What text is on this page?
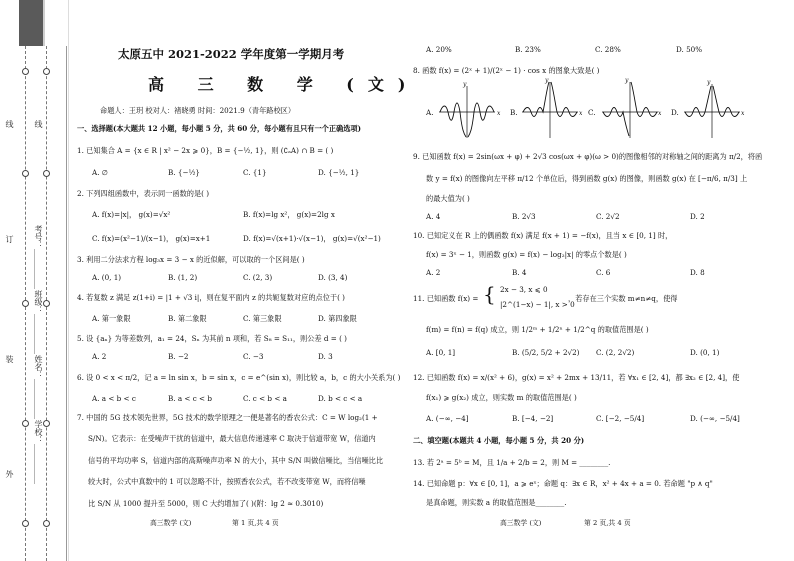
线
订
装
外
线
考号：__________
班级：__________
姓名：__________
学校：__________
太原五中 2021-2022 学年度第一学期月考
高 三 数 学 (文)
命题人：王玥 校对人：褚晓勇 时间：2021.9（青年路校区）
一、选择题(本大题共 12 小题，每小题 5 分，共 60 分，每小题有且只有一个正确选项)
1. 已知集合 A = {x ∈ R | x² − 2x ⩾ 0}，B = {−½, 1}，则 (∁ₐA) ∩ B = ( )
A. ∅	B. {−½}	C. {1}	D. {−½, 1}
2. 下列四组函数中，表示同一函数的是( )
A. f(x)=|x|， g(x)=√x²	B. f(x)=lg x²， g(x)=2lg x
C. f(x)=(x²−1)/(x−1)， g(x)=x+1	D. f(x)=√(x+1)·√(x−1)， g(x)=√(x²−1)
3. 利用二分法求方程 log₃x = 3 − x 的近似解，可以取的一个区间是( )
A. (0, 1)	B. (1, 2)	C. (2, 3)	D. (3, 4)
4. 若复数 z 满足 z(1+i) = |1 + √3 i|，则在复平面内 z 的共轭复数对应的点位于( )
A. 第一象限	B. 第二象限	C. 第三象限	D. 第四象限
5. 设 {aₙ} 为等差数列，a₁ = 24，Sₙ 为其前 n 项和，若 S₈ = S₁₁，则公差 d = ( )
A. 2	B. −2	C. −3	D. 3
6. 设 0 < x < π/2，记 a = ln sin x，b = sin x，c = e^(sin x)，则比较 a，b，c 的大小关系为( )
A. a < b < c	B. a < c < b	C. c < b < a	D. b < c < a
7. 中国的 5G 技术领先世界，5G 技术的数学原理之一便是著名的香农公式：C = W log₂(1 +
S/N)。它表示：在受噪声干扰的信道中，最大信息传递速率 C 取决于信道带宽 W，信道内
信号的平均功率 S，信道内部的高斯噪声功率 N 的大小，其中 S/N 叫做信噪比，当信噪比比
较大时，公式中真数中的 1 可以忽略不计，按照香农公式，若不改变带宽 W，而将信噪
比 S/N 从 1000 提升至 5000，则 C 大约增加了( )(附：lg 2 ≈ 0.3010)
高三数学 (文)	第 1 页,共 4 页
A. 20%	B. 23%	C. 28%	D. 50%
8. 函数 f(x) = (2ˣ + 1)/(2ˣ − 1) · cos x 的图象大致是( )
A.	B.	C.	D.
y
x
y
x
y
x
y
x
9. 已知函数 f(x) = 2sin(ωx + φ) + 2√3 cos(ωx + φ)(ω > 0)的图像相邻的对称轴之间的距离为 π/2，将函
数 y = f(x) 的图像向左平移 π/12 个单位后，得到函数 g(x) 的图像，则函数 g(x) 在 [−π/6, π/3] 上
的最大值为( )
A. 4	B. 2√3	C. 2√2	D. 2
10. 已知定义在 R 上的偶函数 f(x) 满足 f(x + 1) = −f(x)，且当 x ∈ [0, 1] 时，
f(x) = 3ˣ − 1，则函数 g(x) = f(x) − log₂|x| 的零点个数是( )
A. 2	B. 4	C. 6	D. 8
11. 已知函数 f(x) = { 2x − 3, x ⩽ 0
|2^(1−x) − 1|, x > 0
，若存在三个实数 m≠n≠q，使得
f(m) = f(n) = f(q) 成立，则 1/2ᵐ + 1/2ⁿ + 1/2^q 的取值范围是( )
A. [0, 1]	B. (5/2, 5/2 + 2√2) C. (2, 2√2)	D. (0, 1)
12. 已知函数 f(x) = x/(x² + 6)，g(x) = x² + 2mx + 13/11，若 ∀x₁ ∈ [2, 4]，都 ∃x₂ ∈ [2, 4]，使
f(x₁) ⩾ g(x₂) 成立，则实数 m 的取值范围是( )
A. (−∞, −4]	B. [−4, −2]	C. [−2, −5/4]	D. (−∞, −5/4]
二、填空题(本题共 4 小题，每小题 5 分，共 20 分)
13. 若 2ᵃ = 5ᵇ = M，且 1/a + 2/b = 2，则 M = ________.
14. 已知命题 p：∀x ∈ [0, 1]，a ⩾ eˣ；命题 q：∃x ∈ R，x² + 4x + a = 0. 若命题 "p ∧ q"
是真命题，则实数 a 的取值范围是________.
高三数学 (文)	第 2 页,共 4 页
